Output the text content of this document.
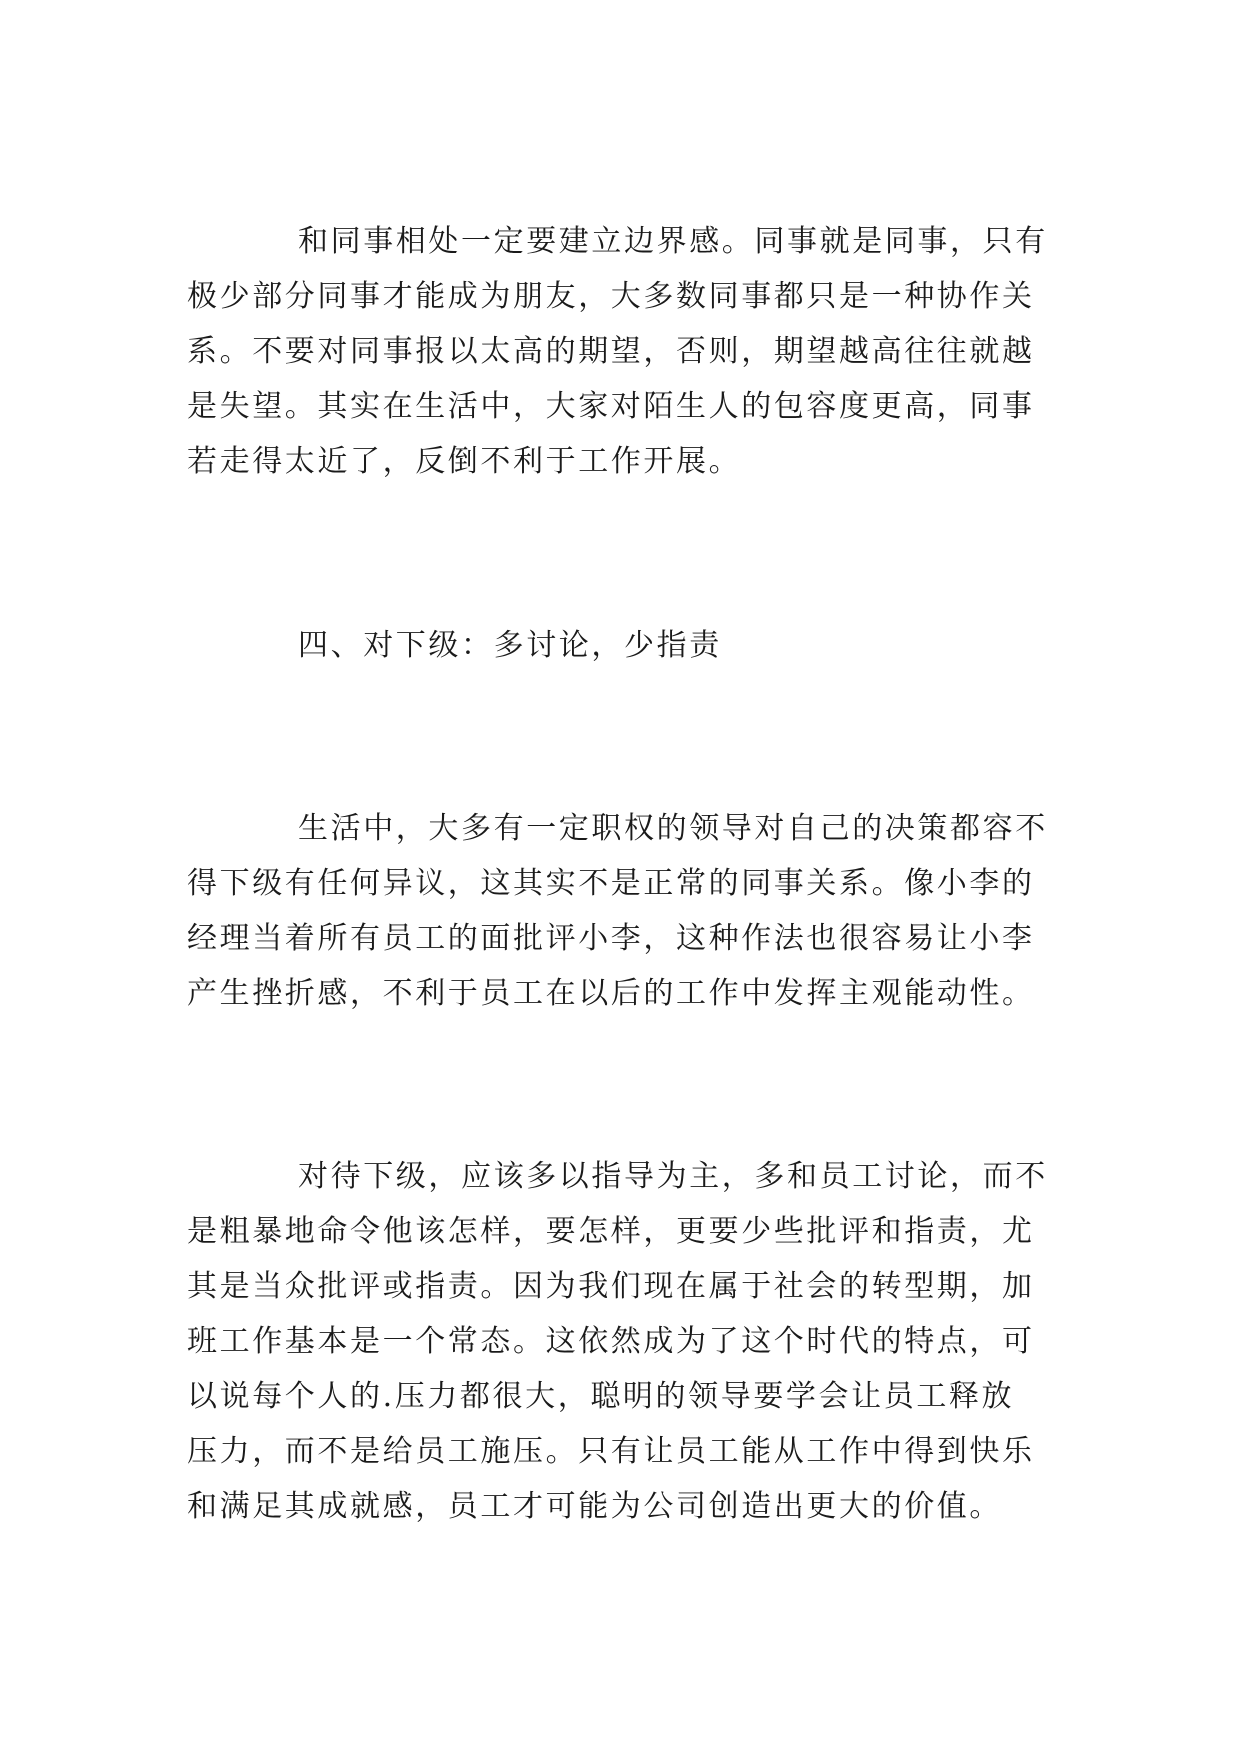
和同事相处一定要建立边界感。同事就是同事，只有
极少部分同事才能成为朋友，大多数同事都只是一种协作关
系。不要对同事报以太高的期望，否则，期望越高往往就越
是失望。其实在生活中，大家对陌生人的包容度更高，同事
若走得太近了，反倒不利于工作开展。
四、对下级：多讨论，少指责
生活中，大多有一定职权的领导对自己的决策都容不
得下级有任何异议，这其实不是正常的同事关系。像小李的
经理当着所有员工的面批评小李，这种作法也很容易让小李
产生挫折感，不利于员工在以后的工作中发挥主观能动性。
对待下级，应该多以指导为主，多和员工讨论，而不
是粗暴地命令他该怎样，要怎样，更要少些批评和指责，尤
其是当众批评或指责。因为我们现在属于社会的转型期，加
班工作基本是一个常态。这依然成为了这个时代的特点，可
以说每个人的.压力都很大，聪明的领导要学会让员工释放
压力，而不是给员工施压。只有让员工能从工作中得到快乐
和满足其成就感，员工才可能为公司创造出更大的价值。
